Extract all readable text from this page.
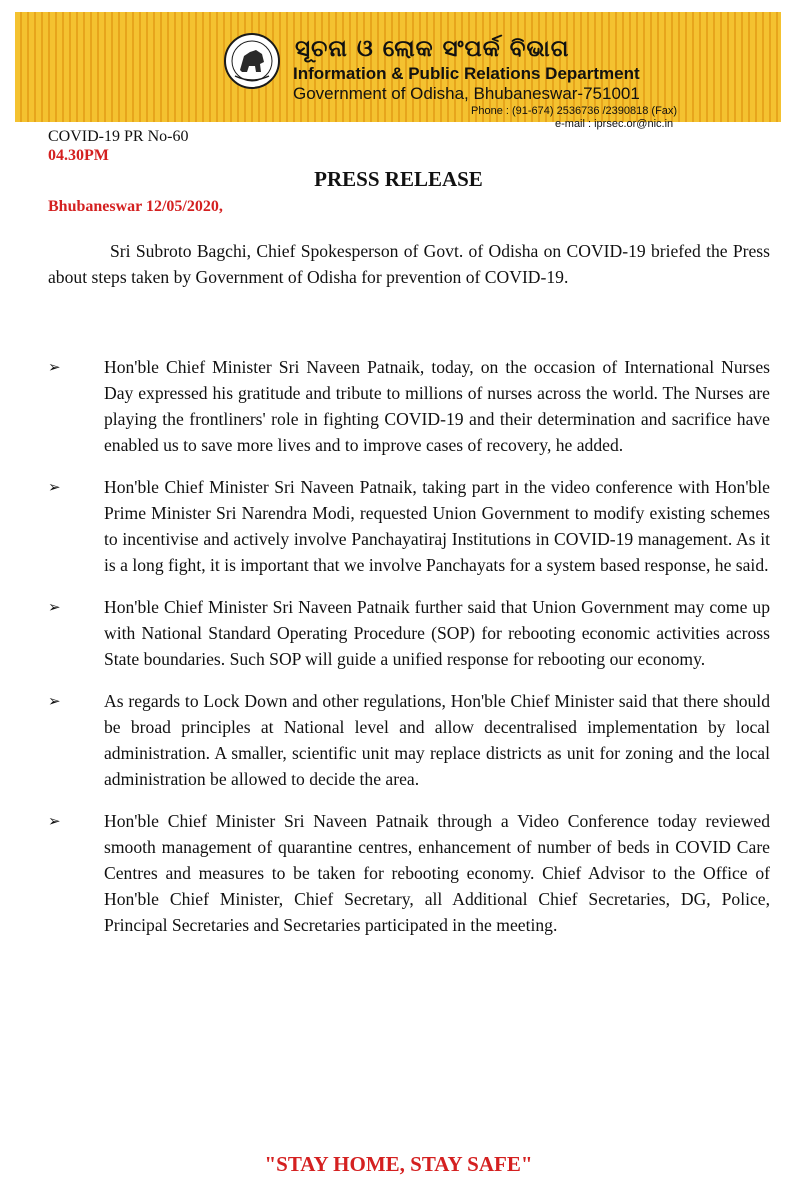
ସୂଚନା ଓ ଲୋକ ସଂପର୍କ ବିଭାଗ
Information & Public Relations Department
Government of Odisha, Bhubaneswar-751001
Phone : (91-674) 2536736 /2390818 (Fax)
e-mail : iprsec.or@nic.in
COVID-19 PR No-60
04.30PM
PRESS RELEASE
Bhubaneswar 12/05/2020,

Sri Subroto Bagchi, Chief Spokesperson of Govt. of Odisha on COVID-19 briefed the Press about steps taken by Government of Odisha for prevention of COVID-19.

➢ Hon'ble Chief Minister Sri Naveen Patnaik, today, on the occasion of International Nurses Day expressed his gratitude and tribute to millions of nurses across the world. The Nurses are playing the frontliners' role in fighting COVID-19 and their determination and sacrifice have enabled us to save more lives and to improve cases of recovery, he added.
➢ Hon'ble Chief Minister Sri Naveen Patnaik, taking part in the video conference with Hon'ble Prime Minister Sri Narendra Modi, requested Union Government to modify existing schemes to incentivise and actively involve Panchayatiraj Institutions in COVID-19 management. As it is a long fight, it is important that we involve Panchayats for a system based response, he said.
➢ Hon'ble Chief Minister Sri Naveen Patnaik further said that Union Government may come up with National Standard Operating Procedure (SOP) for rebooting economic activities across State boundaries. Such SOP will guide a unified response for rebooting our economy.
➢ As regards to Lock Down and other regulations, Hon'ble Chief Minister said that there should be broad principles at National level and allow decentralised implementation by local administration. A smaller, scientific unit may replace districts as unit for zoning and the local administration be allowed to decide the area.
➢ Hon'ble Chief Minister Sri Naveen Patnaik through a Video Conference today reviewed smooth management of quarantine centres, enhancement of number of beds in COVID Care Centres and measures to be taken for rebooting economy. Chief Advisor to the Office of Hon'ble Chief Minister, Chief Secretary, all Additional Chief Secretaries, DG, Police, Principal Secretaries and Secretaries participated in the meeting.
"STAY HOME, STAY SAFE"
